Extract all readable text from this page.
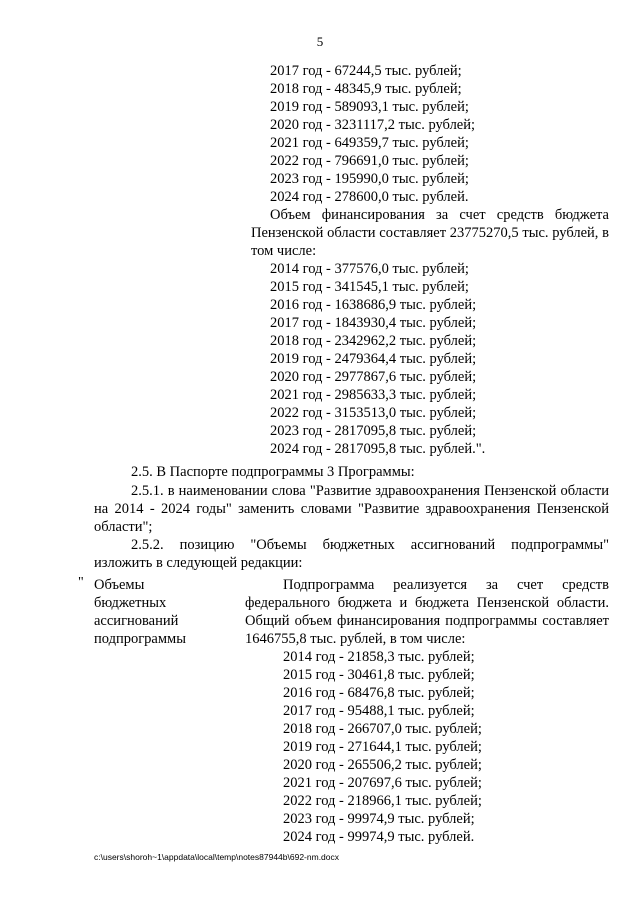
5
2017 год - 67244,5 тыс. рублей;
2018 год - 48345,9 тыс. рублей;
2019 год - 589093,1 тыс. рублей;
2020 год - 3231117,2 тыс. рублей;
2021 год - 649359,7 тыс. рублей;
2022 год - 796691,0 тыс. рублей;
2023 год - 195990,0 тыс. рублей;
2024 год - 278600,0 тыс. рублей.
Объем финансирования за счет средств бюджета Пензенской области составляет 23775270,5 тыс. рублей, в том числе:
2014 год - 377576,0 тыс. рублей;
2015 год - 341545,1 тыс. рублей;
2016 год - 1638686,9 тыс. рублей;
2017 год - 1843930,4 тыс. рублей;
2018 год - 2342962,2 тыс. рублей;
2019 год - 2479364,4 тыс. рублей;
2020 год - 2977867,6 тыс. рублей;
2021 год - 2985633,3 тыс. рублей;
2022 год - 3153513,0 тыс. рублей;
2023 год - 2817095,8 тыс. рублей;
2024 год - 2817095,8 тыс. рублей.".
2.5. В Паспорте подпрограммы 3 Программы:
2.5.1. в наименовании слова "Развитие здравоохранения Пензенской области на 2014 - 2024 годы" заменить словами "Развитие здравоохранения Пензенской области";
2.5.2. позицию "Объемы бюджетных ассигнований подпрограммы" изложить в следующей редакции:
" Объемы
бюджетных
ассигнований
подпрограммы
Подпрограмма реализуется за счет средств федерального бюджета и бюджета Пензенской области. Общий объем финансирования подпрограммы составляет 1646755,8 тыс. рублей, в том числе:
2014 год - 21858,3 тыс. рублей;
2015 год - 30461,8 тыс. рублей;
2016 год - 68476,8 тыс. рублей;
2017 год - 95488,1 тыс. рублей;
2018 год - 266707,0 тыс. рублей;
2019 год - 271644,1 тыс. рублей;
2020 год - 265506,2 тыс. рублей;
2021 год - 207697,6 тыс. рублей;
2022 год - 218966,1 тыс. рублей;
2023 год - 99974,9 тыс. рублей;
2024 год - 99974,9 тыс. рублей.
c:\users\shoroh~1\appdata\local\temp\notes87944b\692-nm.docx
